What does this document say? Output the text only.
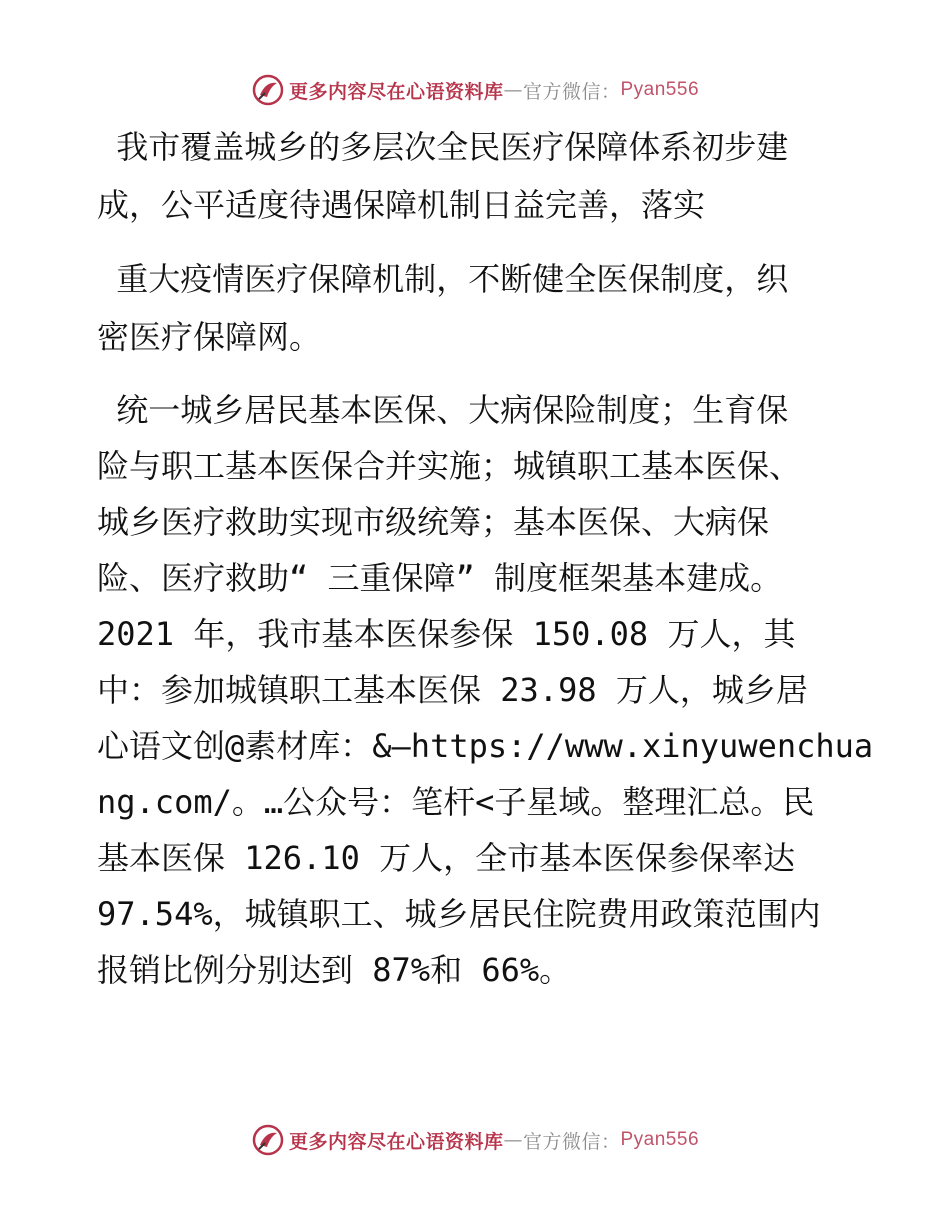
更多内容尽在心语资料库 — 官方微信： Pyan556
我市覆盖城乡的多层次全民医疗保障体系初步建
成，公平适度待遇保障机制日益完善，落实
重大疫情医疗保障机制，不断健全医保制度，织
密医疗保障网。
统一城乡居民基本医保、大病保险制度；生育保
险与职工基本医保合并实施；城镇职工基本医保、
城乡医疗救助实现市级统筹；基本医保、大病保
险、医疗救助“ 三重保障” 制度框架基本建成。
2021 年，我市基本医保参保 150.08 万人，其
中：参加城镇职工基本医保 23.98 万人，城乡居
心语文创@素材库：&—https://www.xinyuwenchua
ng.com/。…公众号：笔杆<子星域。整理汇总。民
基本医保 126.10 万人，全市基本医保参保率达
97.54%，城镇职工、城乡居民住院费用政策范围内
报销比例分别达到 87%和 66%。
更多内容尽在心语资料库 — 官方微信： Pyan556
